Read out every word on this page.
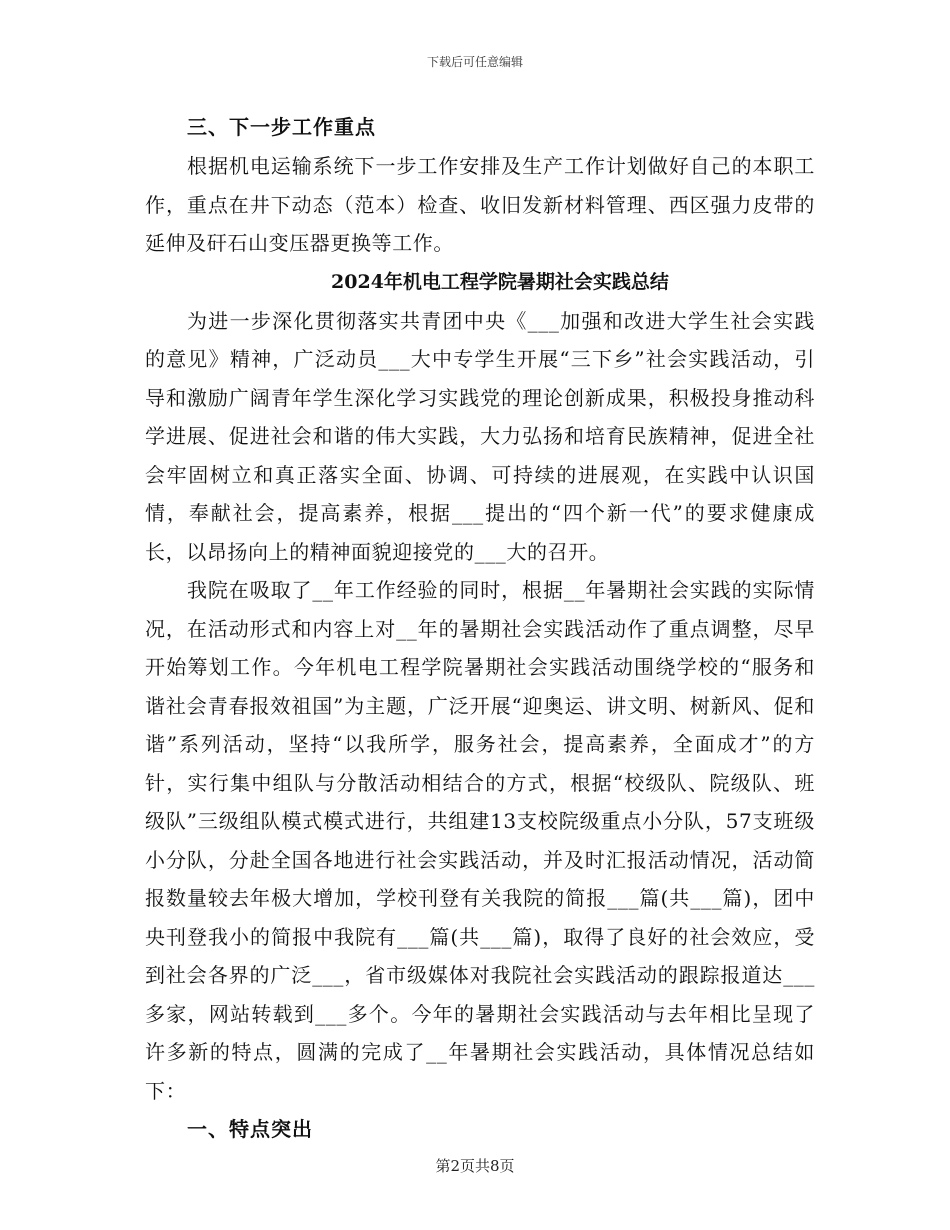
下载后可任意编辑

三、下一步工作重点

根据机电运输系统下一步工作安排及生产工作计划做好自己的本职工作，重点在井下动态（范本）检查、收旧发新材料管理、西区强力皮带的延伸及矸石山变压器更换等工作。

2024年机电工程学院暑期社会实践总结

为进一步深化贯彻落实共青团中央《___加强和改进大学生社会实践的意见》精神，广泛动员___大中专学生开展“三下乡”社会实践活动，引导和激励广阔青年学生深化学习实践党的理论创新成果，积极投身推动科学进展、促进社会和谐的伟大实践，大力弘扬和培育民族精神，促进全社会牢固树立和真正落实全面、协调、可持续的进展观，在实践中认识国情，奉献社会，提高素养，根据___提出的“四个新一代”的要求健康成长，以昂扬向上的精神面貌迎接党的___大的召开。

我院在吸取了__年工作经验的同时，根据__年暑期社会实践的实际情况，在活动形式和内容上对__年的暑期社会实践活动作了重点调整，尽早开始筹划工作。今年机电工程学院暑期社会实践活动围绕学校的“服务和谐社会青春报效祖国”为主题，广泛开展“迎奥运、讲文明、树新风、促和谐”系列活动，坚持“以我所学，服务社会，提高素养，全面成才”的方针，实行集中组队与分散活动相结合的方式，根据“校级队、院级队、班级队”三级组队模式模式进行，共组建13支校院级重点小分队，57支班级小分队，分赴全国各地进行社会实践活动，并及时汇报活动情况，活动简报数量较去年极大增加，学校刊登有关我院的简报___篇(共___篇)，团中央刊登我小的简报中我院有___篇(共___篇)，取得了良好的社会效应，受到社会各界的广泛___，省市级媒体对我院社会实践活动的跟踪报道达___多家，网站转载到___多个。今年的暑期社会实践活动与去年相比呈现了许多新的特点，圆满的完成了__年暑期社会实践活动，具体情况总结如下：

一、特点突出

第2页共8页
